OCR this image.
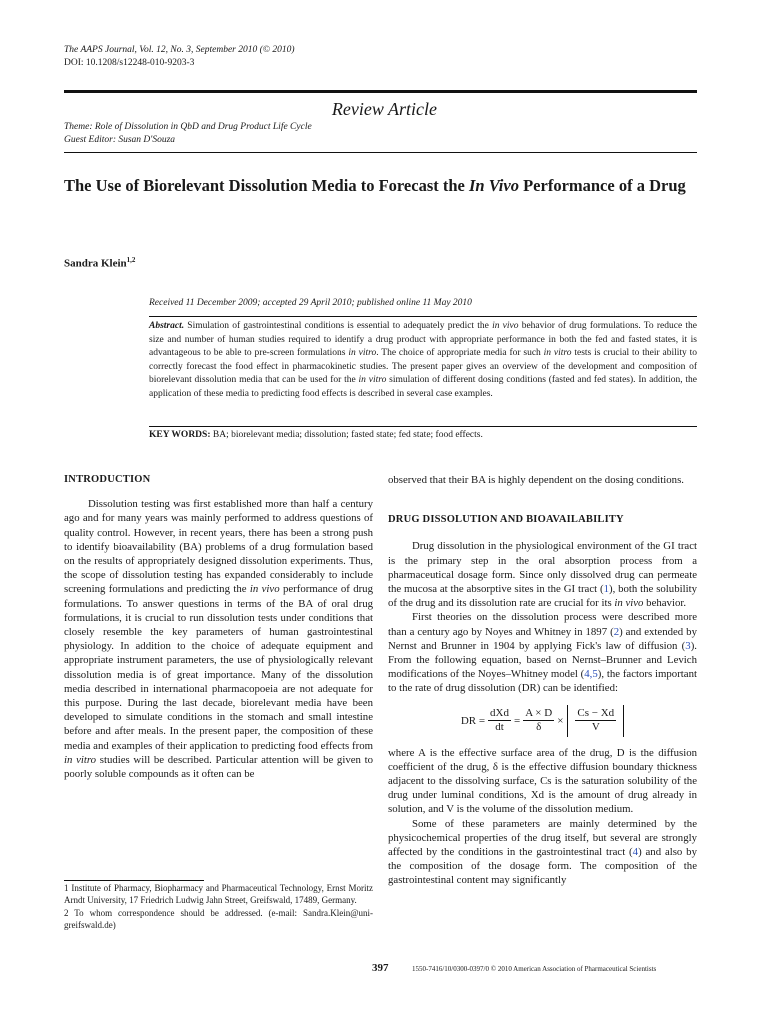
The AAPS Journal, Vol. 12, No. 3, September 2010 (© 2010)
DOI: 10.1208/s12248-010-9203-3
Review Article
Theme: Role of Dissolution in QbD and Drug Product Life Cycle
Guest Editor: Susan D'Souza
The Use of Biorelevant Dissolution Media to Forecast the In Vivo Performance of a Drug
Sandra Klein$^{1,2}$
Received 11 December 2009; accepted 29 April 2010; published online 11 May 2010
Abstract. Simulation of gastrointestinal conditions is essential to adequately predict the in vivo behavior of drug formulations. To reduce the size and number of human studies required to identify a drug product with appropriate performance in both the fed and fasted states, it is advantageous to be able to pre-screen formulations in vitro. The choice of appropriate media for such in vitro tests is crucial to their ability to correctly forecast the food effect in pharmacokinetic studies. The present paper gives an overview of the development and composition of biorelevant dissolution media that can be used for the in vitro simulation of different dosing conditions (fasted and fed states). In addition, the application of these media to predicting food effects is described in several case examples.
KEY WORDS: BA; biorelevant media; dissolution; fasted state; fed state; food effects.
INTRODUCTION

Dissolution testing was first established more than half a century ago and for many years was mainly performed to address questions of quality control. However, in recent years, there has been a strong push to identify bioavailability (BA) problems of a drug formulation based on the results of appropriately designed dissolution experiments. Thus, the scope of dissolution testing has expanded considerably to include screening formulations and predicting the in vivo performance of drug formulations. To answer questions in terms of the BA of oral drug formulations, it is crucial to run dissolution tests under conditions that closely resemble the key parameters of human gastrointestinal physiology. In addition to the choice of adequate equipment and appropriate instrument parameters, the use of physiologically relevant dissolution media is of great importance. Many of the dissolution media described in international pharmacopoeia are not adequate for this purpose. During the last decade, biorelevant media have been developed to simulate conditions in the stomach and small intestine before and after meals. In the present paper, the composition of these media and examples of their application to predicting food effects from in vitro studies will be described. Particular attention will be given to poorly soluble compounds as it often can be

1 Institute of Pharmacy, Biopharmacy and Pharmaceutical Technology, Ernst Moritz Arndt University, 17 Friedrich Ludwig Jahn Street, Greifswald, 17489, Germany.

2 To whom correspondence should be addressed. (e-mail: Sandra.Klein@uni-greifswald.de)

observed that their BA is highly dependent on the dosing conditions.

DRUG DISSOLUTION AND BIOAVAILABILITY

Drug dissolution in the physiological environment of the GI tract is the primary step in the oral absorption process from a pharmaceutical dosage form. Since only dissolved drug can permeate the mucosa at the absorptive sites in the GI tract (1), both the solubility of the drug and its dissolution rate are crucial for its in vivo behavior.

First theories on the dissolution process were described more than a century ago by Noyes and Whitney in 1897 (2) and extended by Nernst and Brunner in 1904 by applying Fick's law of diffusion (3). From the following equation, based on Nernst–Brunner and Levich modifications of the Noyes–Whitney model (4,5), the factors important to the rate of drug dissolution (DR) can be identified:

DR = $\frac{\text{dXd}}{dt} = \frac{A \times D}{\delta} \times \frac{Cs - Xd}{V}$

where A is the effective surface area of the drug, D is the diffusion coefficient of the drug, δ is the effective diffusion boundary thickness adjacent to the dissolving surface, Cs is the saturation solubility of the drug under luminal conditions, Xd is the amount of drug already in solution, and V is the volume of the dissolution medium.

Some of these parameters are mainly determined by the physicochemical properties of the drug itself, but several are strongly affected by the conditions in the gastrointestinal tract (4) and also by the composition of the dosage form. The composition of the gastrointestinal content may significantly

397	1550-7416/10/0300-0397/0 © 2010 American Association of Pharmaceutical Scientists
